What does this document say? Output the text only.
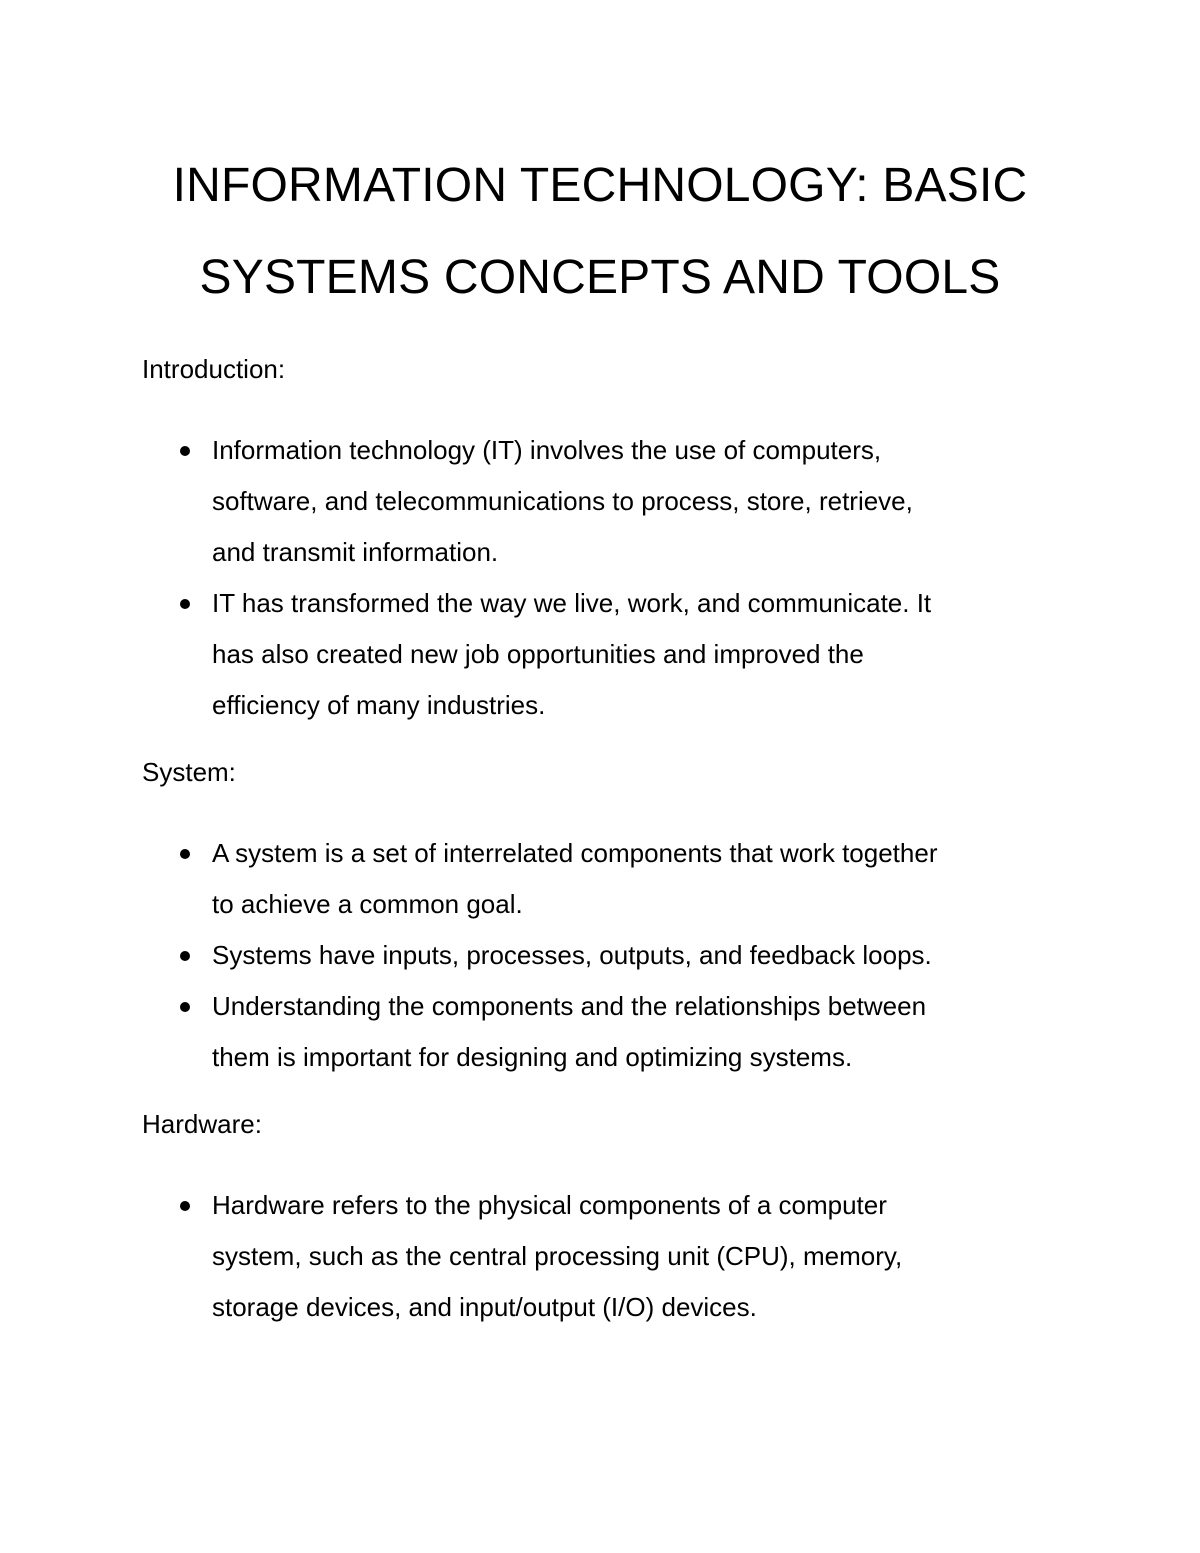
INFORMATION TECHNOLOGY: BASIC
SYSTEMS CONCEPTS AND TOOLS

Introduction:

Information technology (IT) involves the use of computers,
software, and telecommunications to process, store, retrieve,
and transmit information.
IT has transformed the way we live, work, and communicate. It
has also created new job opportunities and improved the
efficiency of many industries.

System:

A system is a set of interrelated components that work together
to achieve a common goal.
Systems have inputs, processes, outputs, and feedback loops.
Understanding the components and the relationships between
them is important for designing and optimizing systems.

Hardware:

Hardware refers to the physical components of a computer
system, such as the central processing unit (CPU), memory,
storage devices, and input/output (I/O) devices.
